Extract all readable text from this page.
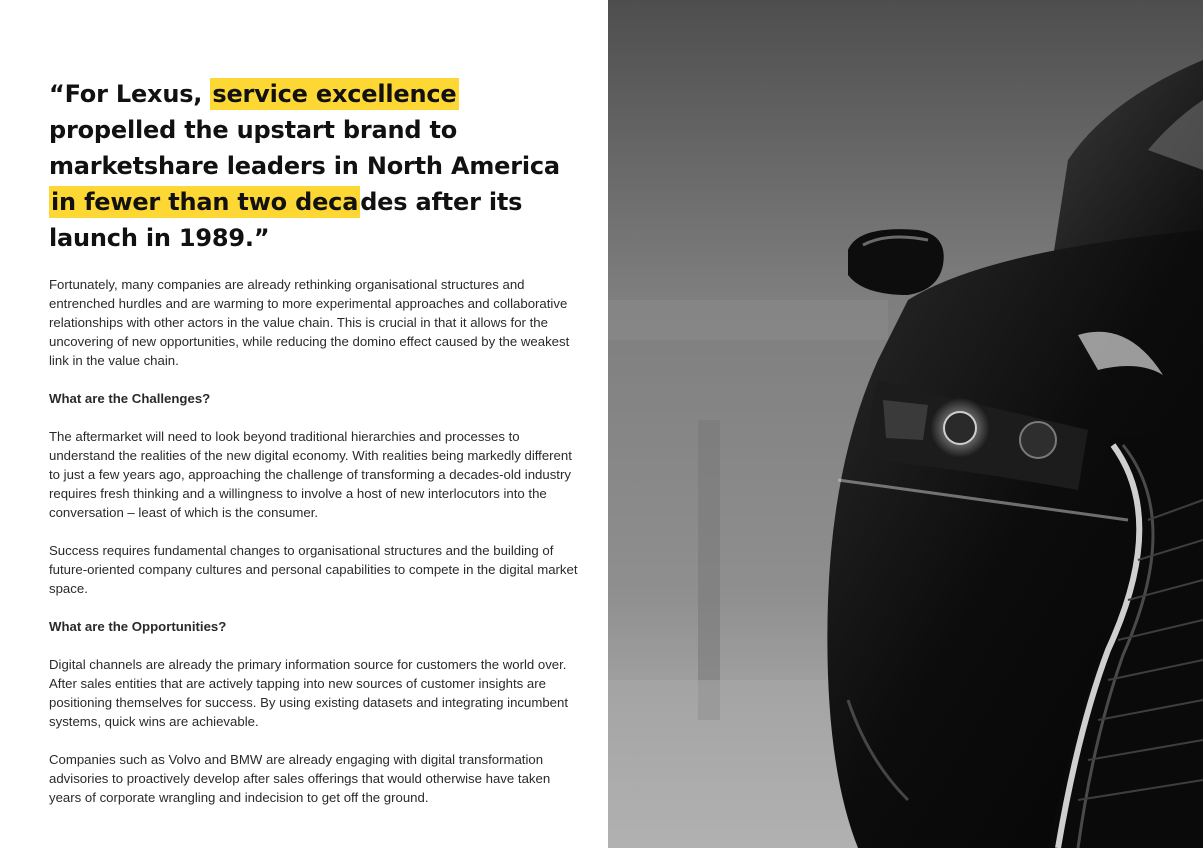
“For Lexus, service excellence propelled the upstart brand to marketshare leaders in North America in fewer than two decades after its launch in 1989.”

Fortunately, many companies are already rethinking organisational structures and entrenched hurdles and are warming to more experimental approaches and collaborative relationships with other actors in the value chain. This is crucial in that it allows for the uncovering of new opportunities, while reducing the domino effect caused by the weakest link in the value chain.

What are the Challenges?

The aftermarket will need to look beyond traditional hierarchies and processes to understand the realities of the new digital economy. With realities being markedly different to just a few years ago, approaching the challenge of transforming a decades-old industry requires fresh thinking and a willingness to involve a host of new interlocutors into the conversation – least of which is the consumer.

Success requires fundamental changes to organisational structures and the building of future-oriented company cultures and personal capabilities to compete in the digital market space.

What are the Opportunities?

Digital channels are already the primary information source for customers the world over. After sales entities that are actively tapping into new sources of customer insights are positioning themselves for success. By using existing datasets and integrating incumbent systems, quick wins are achievable.

Companies such as Volvo and BMW are already engaging with digital transformation advisories to proactively develop after sales offerings that would otherwise have taken years of corporate wrangling and indecision to get off the ground.
